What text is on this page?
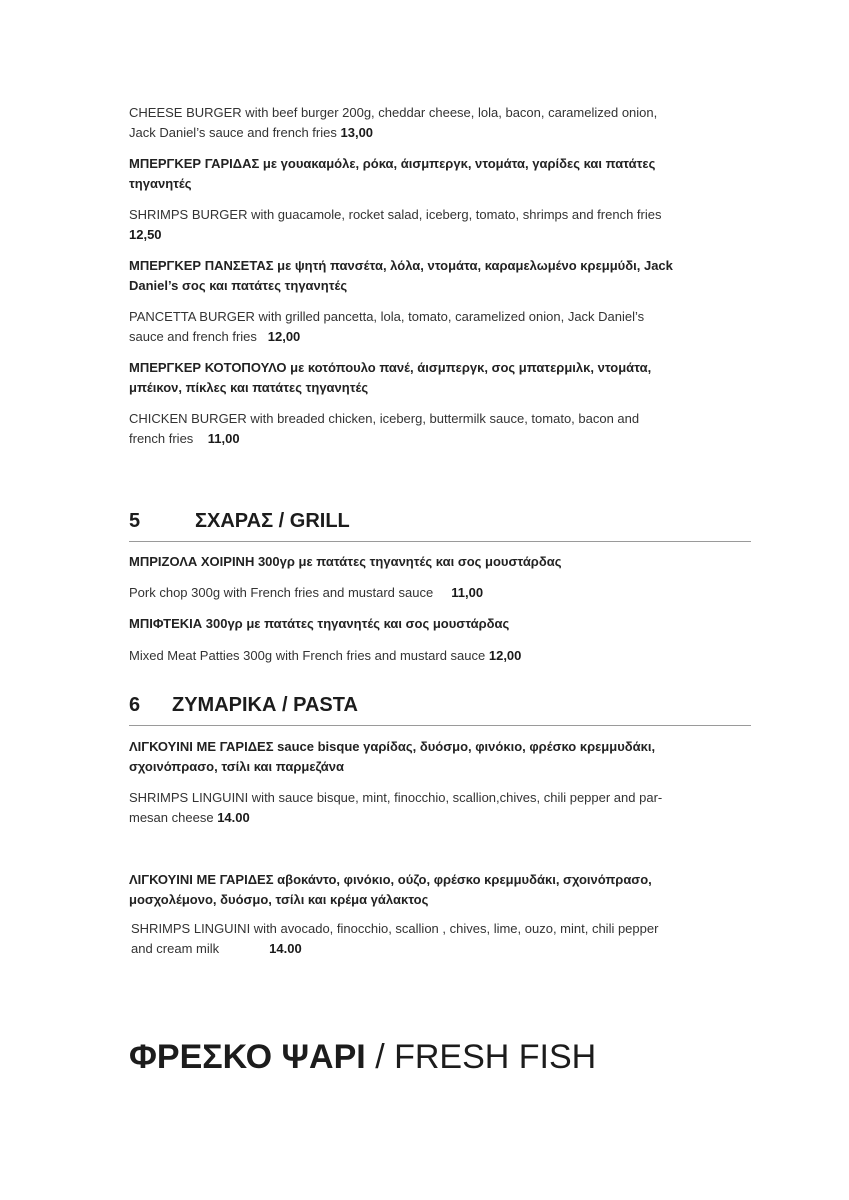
CHEESE BURGER with beef burger 200g, cheddar cheese, lola, bacon, caramelized onion,
Jack Daniel’s sauce and french fries 13,00
ΜΠΕΡΓΚΕΡ ΓΑΡΙΔΑΣ με γουακαμόλε, ρόκα, άισμπεργκ, ντομάτα, γαρίδες και πατάτες
τηγανητές
SHRIMPS BURGER with guacamole, rocket salad, iceberg, tomato, shrimps and french fries
12,50
ΜΠΕΡΓΚΕΡ ΠΑΝΣΕΤΑΣ με ψητή πανσέτα, λόλα, ντομάτα, καραμελωμένο κρεμμύδι, Jack
Daniel’s σος και πατάτες τηγανητές
PANCETTA BURGER with grilled pancetta, lola, tomato, caramelized onion, Jack Daniel’s
sauce and french fries 12,00
ΜΠΕΡΓΚΕΡ ΚΟΤΟΠΟΥΛΟ με κοτόπουλο πανέ, άισμπεργκ, σος μπατερμιλκ, ντομάτα,
μπέικον, πίκλες και πατάτες τηγανητές
CHICKEN BURGER with breaded chicken, iceberg, buttermilk sauce, tomato, bacon and
french fries 11,00
5	ΣΧΑΡΑΣ / GRILL
ΜΠΡΙΖΟΛΑ ΧΟΙΡΙΝΗ 300γρ με πατάτες τηγανητές και σος μουστάρδας
Pork chop 300g with French fries and mustard sauce 11,00
ΜΠΙΦΤΕΚΙΑ 300γρ με πατάτες τηγανητές και σος μουστάρδας
Mixed Meat Patties 300g with French fries and mustard sauce 12,00
6 ΖΥΜΑΡΙΚΑ / PASTA
ΛΙΓΚΟΥΙΝΙ ΜΕ ΓΑΡΙΔΕΣ sauce bisque γαρίδας, δυόσμο, φινόκιο, φρέσκο κρεμμυδάκι,
σχοινόπρασο, τσίλι και παρμεζάνα
SHRIMPS LINGUINI with sauce bisque, mint, finocchio, scallion,chives, chili pepper and par-
mesan cheese 14.00
ΛΙΓΚΟΥΙΝΙ ΜΕ ΓΑΡΙΔΕΣ αβοκάντο, φινόκιο, ούζο, φρέσκο κρεμμυδάκι, σχοινόπρασο,
μοσχολέμονο, δυόσμο, τσίλι και κρέμα γάλακτος
SHRIMPS LINGUINI with avocado, finocchio, scallion , chives, lime, ouzo, mint, chili pepper
and cream milk	14.00
ΦΡΕΣΚΟ ΨΑΡΙ / FRESH FISH
